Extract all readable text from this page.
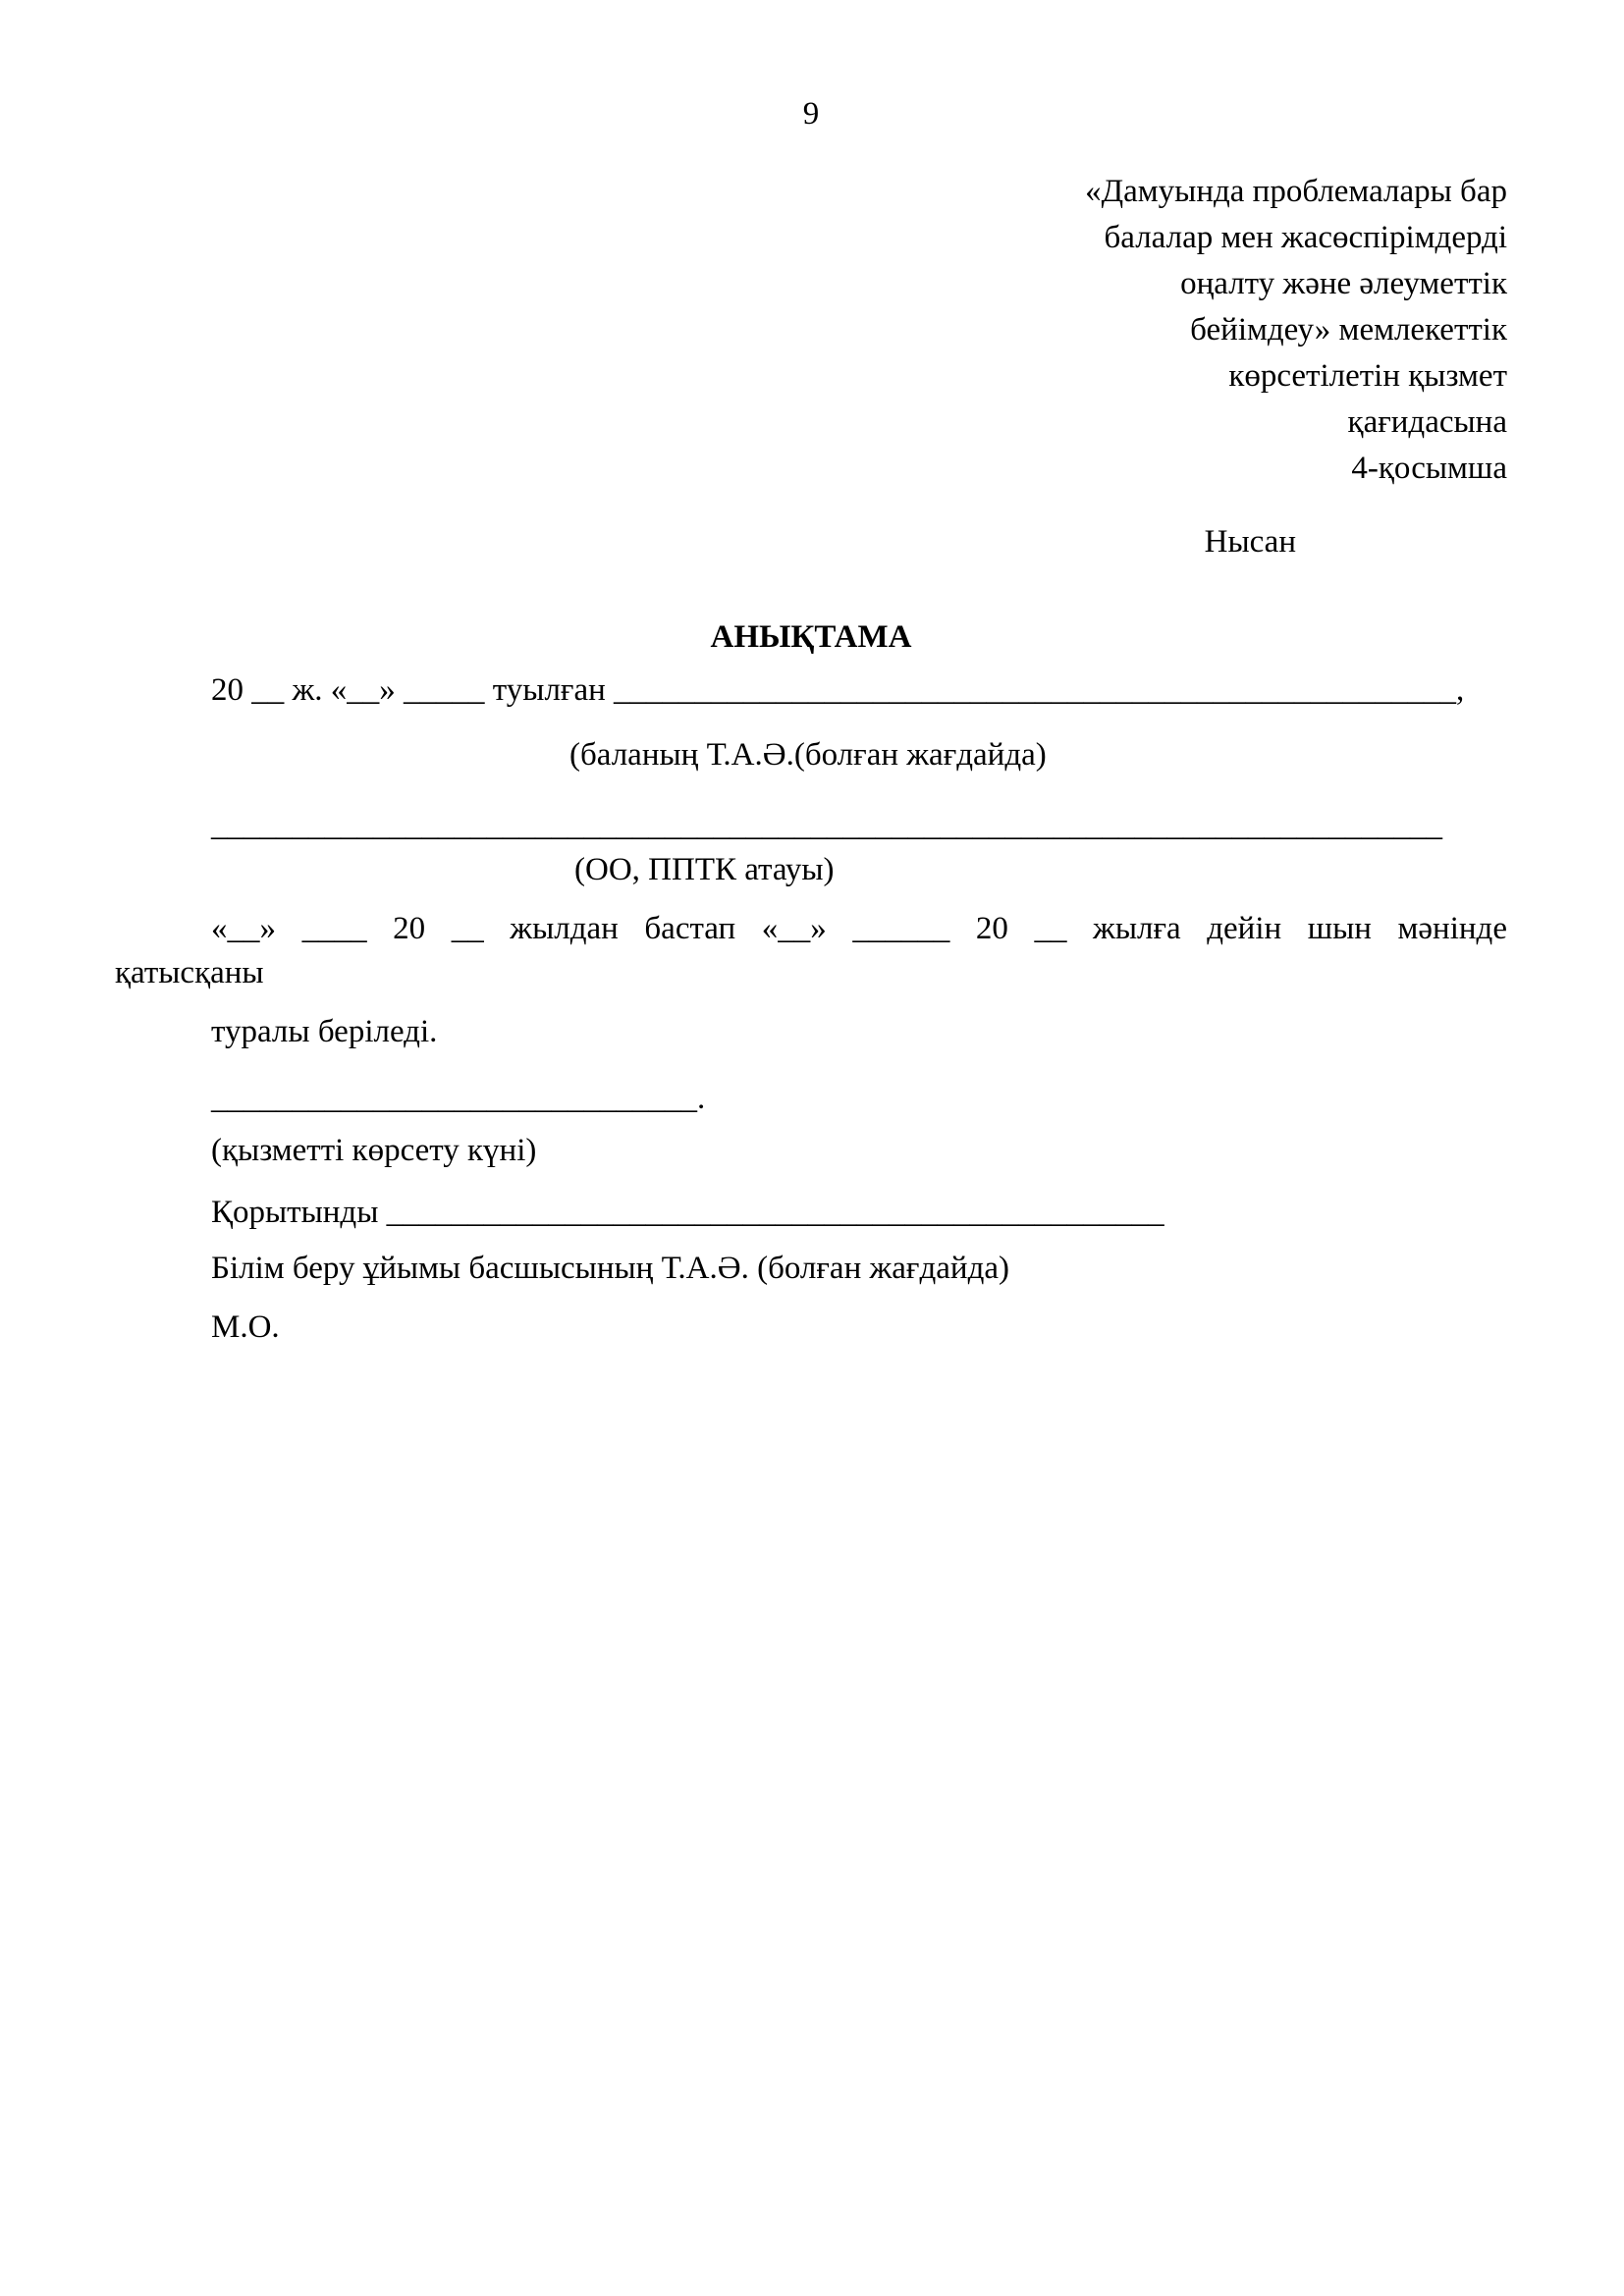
9
«Дамуында проблемалары бар
балалар мен жасөспірімдерді
оңалту және әлеуметтік
бейімдеу» мемлекеттік
көрсетілетін қызмет
қағидасына
4-қосымша
Нысан
АНЫҚТАМА
20 __ ж. «__» _____ туылған ____________________________________________________,
(баланың Т.А.Ә.(болған жағдайда)
____________________________________________________________________________
(ОО, ППТК атауы)
«__» ____ 20 __ жылдан бастап «__» ______ 20 __ жылға дейін шын мәнінде
қатысқаны
туралы беріледі.
______________________________.
(қызметті көрсету күні)
Қорытынды ________________________________________________
Білім беру ұйымы басшысының Т.А.Ә. (болған жағдайда)
М.О.
